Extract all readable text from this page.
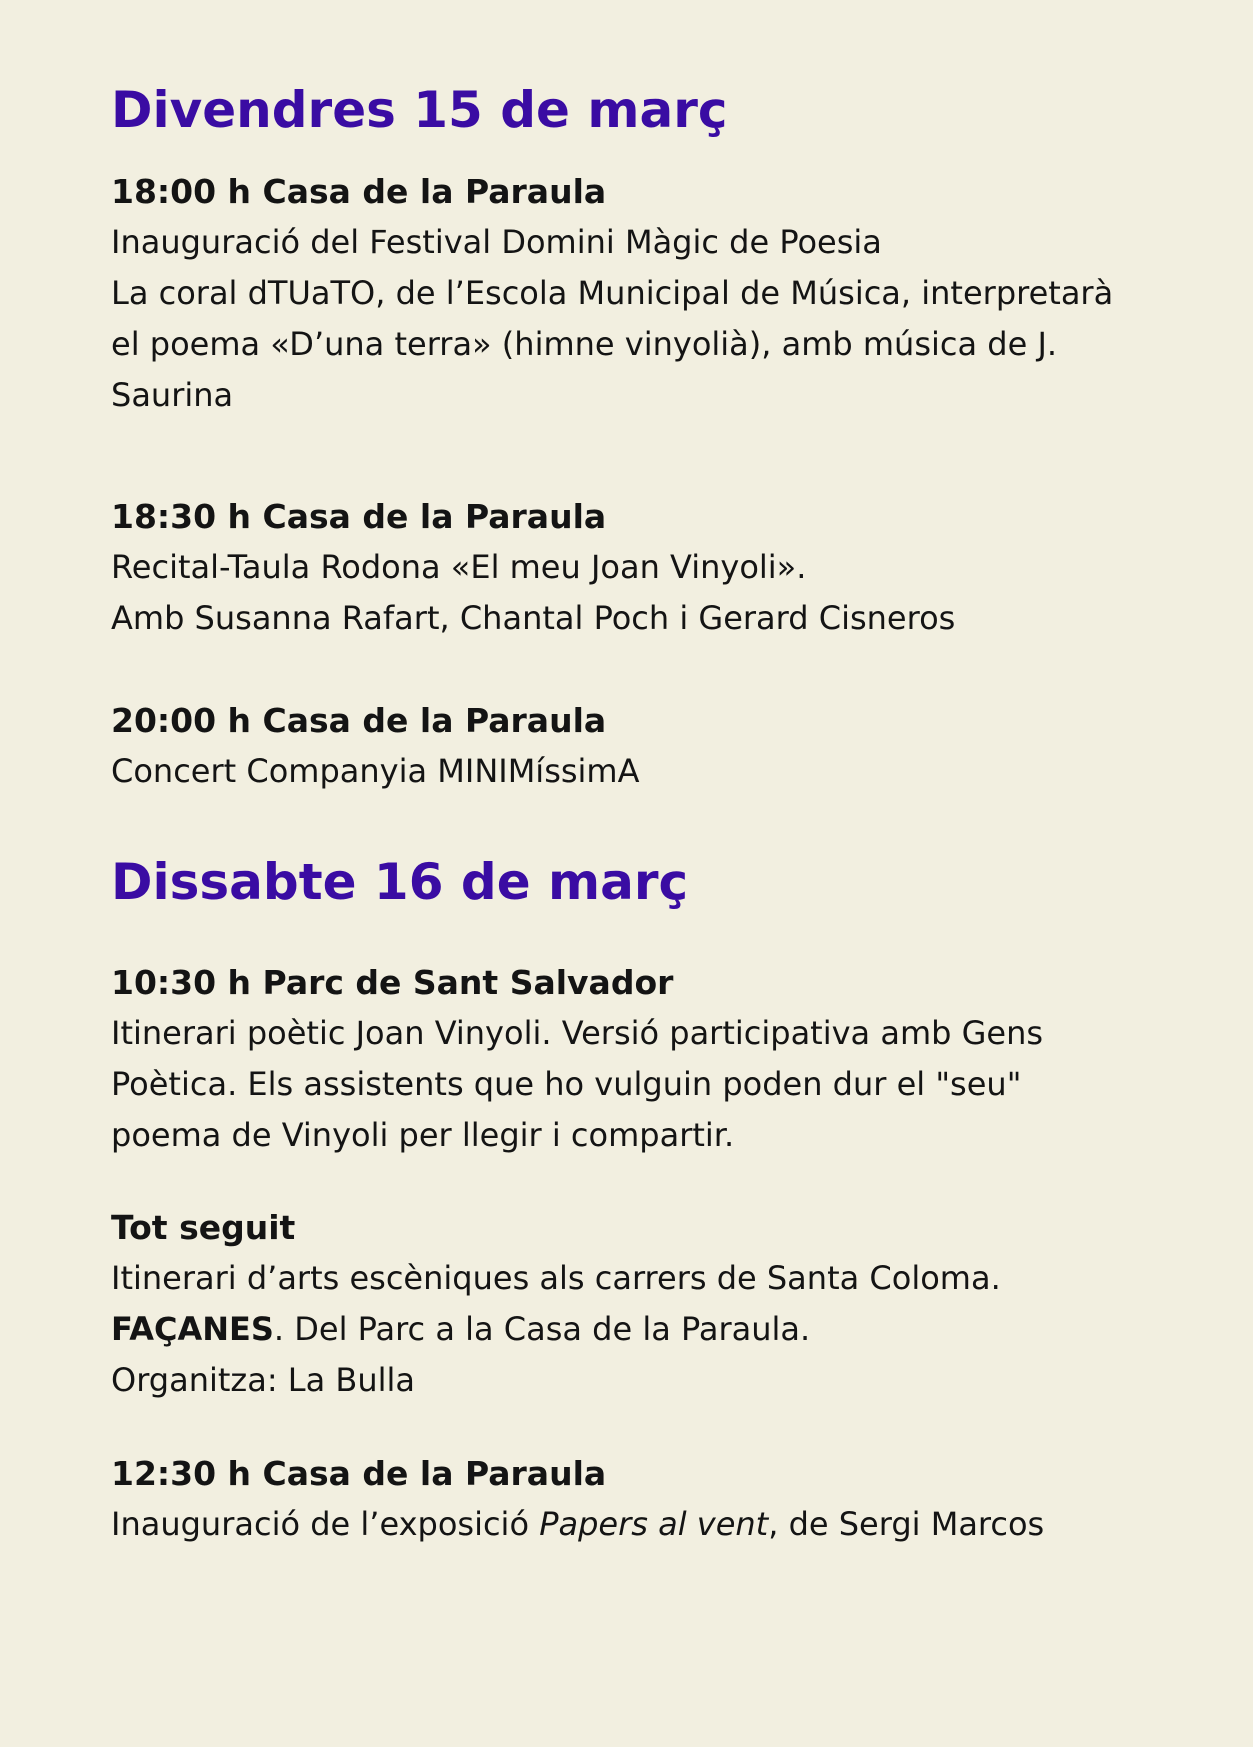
Divendres 15 de març
18:00 h Casa de la Paraula
Inauguració del Festival Domini Màgic de Poesia
La coral dTUaTO, de l’Escola Municipal de Música, interpretarà
el poema «D’una terra» (himne vinyolià), amb música de J.
Saurina
18:30 h Casa de la Paraula
Recital-Taula Rodona «El meu Joan Vinyoli».
Amb Susanna Rafart, Chantal Poch i Gerard Cisneros
20:00 h Casa de la Paraula
Concert Companyia MINIMíssimA
Dissabte 16 de març
10:30 h Parc de Sant Salvador
Itinerari poètic Joan Vinyoli. Versió participativa amb Gens
Poètica. Els assistents que ho vulguin poden dur el "seu"
poema de Vinyoli per llegir i compartir.
Tot seguit
Itinerari d’arts escèniques als carrers de Santa Coloma.
FAÇANES. Del Parc a la Casa de la Paraula.
Organitza: La Bulla
12:30 h Casa de la Paraula
Inauguració de l’exposició Papers al vent, de Sergi Marcos
